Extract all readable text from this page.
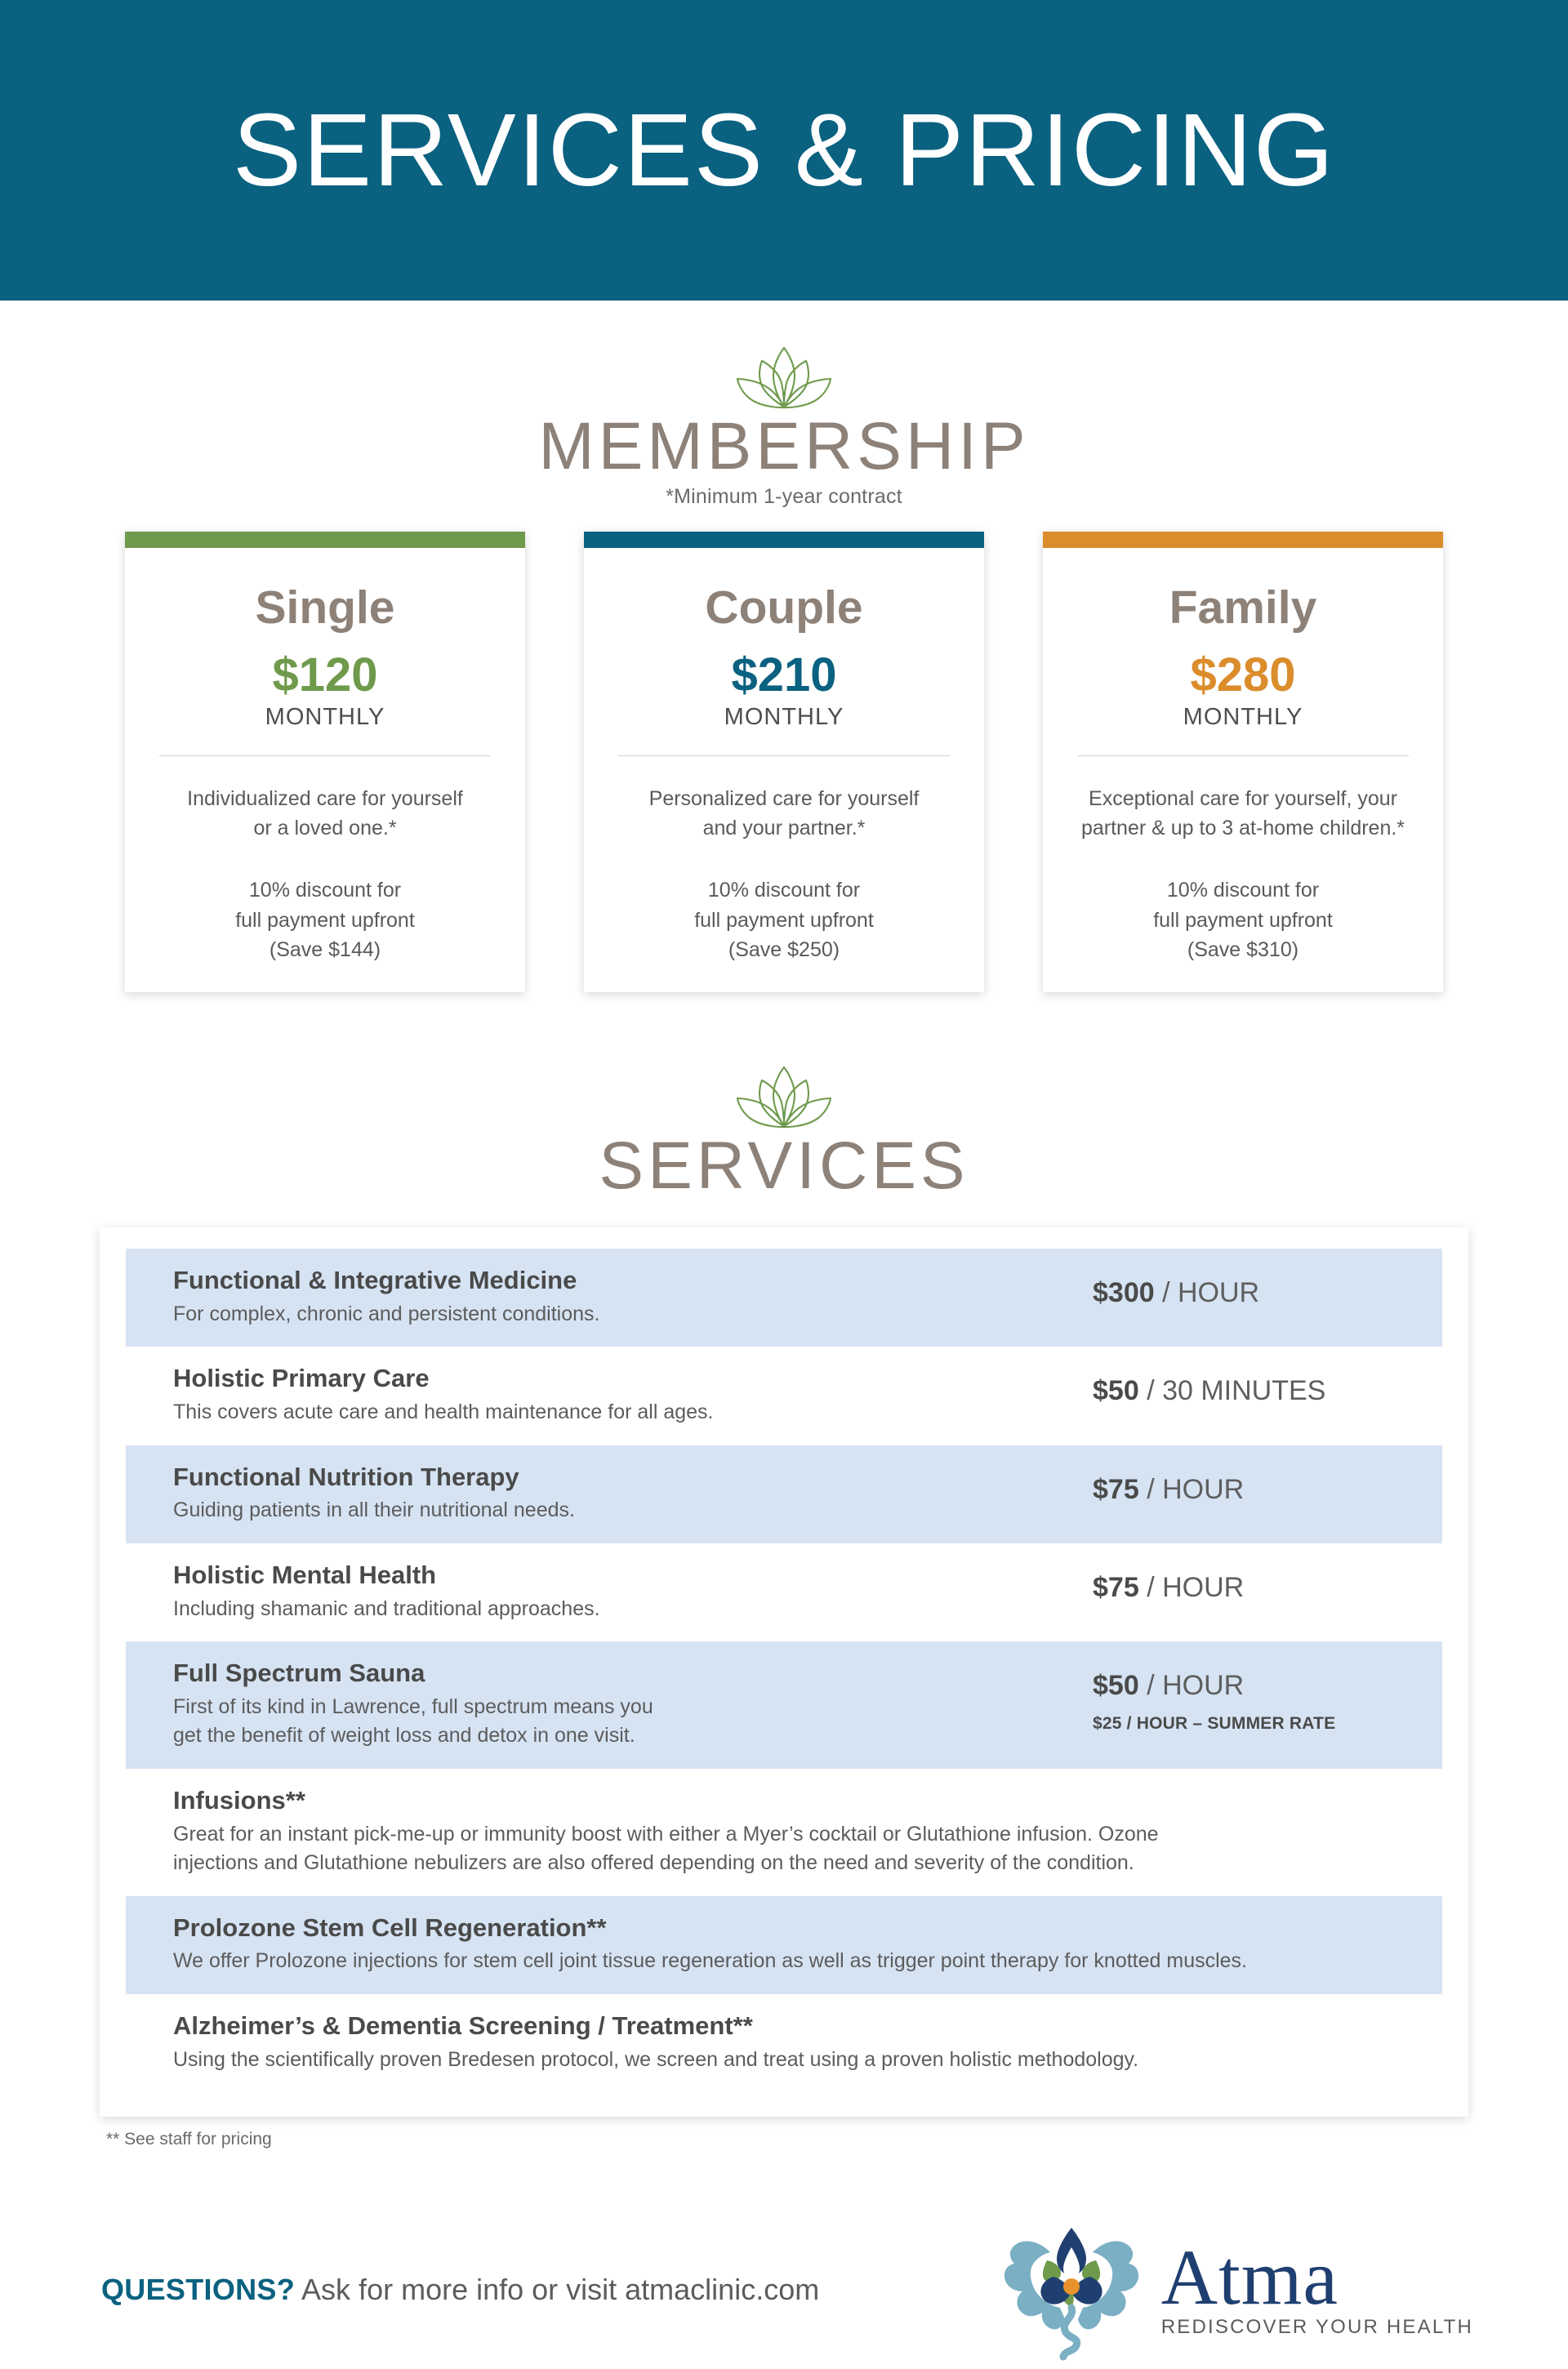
SERVICES & PRICING
MEMBERSHIP
*Minimum 1-year contract
Single
$120
MONTHLY
Individualized care for yourself
or a loved one.*
10% discount for
full payment upfront
(Save $144)
Couple
$210
MONTHLY
Personalized care for yourself
and your partner.*
10% discount for
full payment upfront
(Save $250)
Family
$280
MONTHLY
Exceptional care for yourself, your
partner & up to 3 at-home children.*
10% discount for
full payment upfront
(Save $310)
SERVICES
Functional & Integrative Medicine
For complex, chronic and persistent conditions.
$300 / HOUR
Holistic Primary Care
This covers acute care and health maintenance for all ages.
$50 / 30 MINUTES
Functional Nutrition Therapy
Guiding patients in all their nutritional needs.
$75 / HOUR
Holistic Mental Health
Including shamanic and traditional approaches.
$75 / HOUR
Full Spectrum Sauna
First of its kind in Lawrence, full spectrum means you
get the benefit of weight loss and detox in one visit.
$50 / HOUR
$25 / HOUR – SUMMER RATE
Infusions**
Great for an instant pick-me-up or immunity boost with either a Myer’s cocktail or Glutathione infusion. Ozone
injections and Glutathione nebulizers are also offered depending on the need and severity of the condition.
Prolozone Stem Cell Regeneration**
We offer Prolozone injections for stem cell joint tissue regeneration as well as trigger point therapy for knotted muscles.
Alzheimer’s & Dementia Screening / Treatment**
Using the scientifically proven Bredesen protocol, we screen and treat using a proven holistic methodology.
** See staff for pricing
QUESTIONS? Ask for more info or visit atmaclinic.com	Atma
REDISCOVER YOUR HEALTH
